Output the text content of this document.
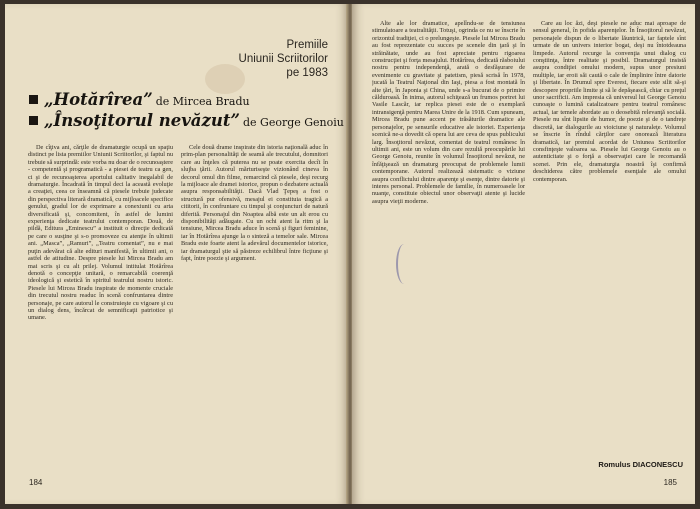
Premiile
Uniunii Scriitorilor
pe 1983
„Hotărîrea” de Mircea Bradu
„Însoţitorul nevăzut” de George Genoiu

De cîţiva ani, cărţile de dramaturgie ocupă un spaţiu distinct pe lista premiilor Uniunii Scriitorilor, şi faptul nu trebuie să surprindă: este vorba nu doar de o recunoaştere - competentă şi programatică - a piesei de teatru ca gen, ci şi de recunoaşterea aportului calitativ inegalabil de dramaturgie. Încadrată în timpul deci la această evoluţie a creaţiei, ceea ce înseamnă că piesele trebuie judecate din perspectiva literară dramatică, cu mijloacele specifice genului, gradul lor de exprimare a conexiunii cu arta diversificată şi, concomitent, în astfel de lumini experienţa dedicate teatrului contemporan. Două, de pildă, Editura „Eminescu” a instituit o direcţie dedicată pe care o susţine şi s-o promoveze cu atenţie în ultimii ani. „Masca”, „Ramuri”, „Teatru comentat”, nu e mai puţin adevărat că alte edituri manifestă, în ultimii ani, o astfel de atitudine. Despre piesele lui Mircea Bradu am mai scris şi cu alt prilej. Volumul intitulat Hotărîrea denotă o concepţie unitară, o remarcabilă coerenţă ideologică şi estetică în spiritul teatrului nostru istoric. Piesele lui Mircea Bradu inspirate de momente cruciale din trecutul nostru readuc în scenă confruntarea dintre personaje, pe care autorul le construieşte cu vigoare şi cu un dialog dens, încărcat de semnificaţii patriotice şi umane.

Cele două drame inspirate din istoria naţională aduc în prim-plan personalităţi de seamă ale trecutului, domnitori care au înţeles că puterea nu se poate exercita decît în slujba ţării. Autorul mărturiseşte vizionând cineva în decorul omul din filme, remarcind că piesele, deşi recurg la mijloace ale dramei istorice, propun o dezbatere actuală asupra responsabilităţii. Dacă Vlad Ţepeş a fost o structură pur ofensivă, mesajul ei constituia tragică a cititorii, în confruntare cu timpul şi conjuncturi de natură diferită. Personajul din Noaptea albă este un alt erou cu disponibilităţi adăugate. Cu un ochi atent la ritm şi la tensiune, Mircea Bradu aduce în scenă şi figuri feminine, iar în Hotărîrea ajunge la o sinteză a temelor sale. Mircea Bradu este foarte atent la adevărul documentelor istorice, iar dramaturgul ştie să păstreze echilibrul între ficţiune şi fapt, între poezie şi argument.

184

Alte ale lor dramatice, apelîndu-se de tensiunea stimulatoare a teatralităţii. Totuşi, ogrinda ce nu se înscrie în orizontul tradiţiei, ci o prelungeşte. Piesele lui Mircea Bradu au fost reprezentate cu succes pe scenele din ţară şi în străinătate, unde au fost apreciate pentru rigoarea construcţiei şi forţa mesajului. Hotărîrea, dedicată răsboiului nostru pentru independenţă, arată o desfăşurare de evenimente cu gravitate şi patetism, piesă scrisă în 1978, jucată la Teatrul Naţional din Iaşi, piesa a fost montată în alte ţări, în Japonia şi China, unde s-a bucurat de o primire călduroasă. În inima, autorul schiţează un frumos portret lui Vasile Lascăr, iar replica piesei este de o exemplară intransigenţă pentru Marea Unire de la 1918. Cum spuneam, Mircea Bradu pune accent pe trăsăturile dramatice ale personajelor, pe sensurile educative ale istoriei. Experienţa scenică ne-a dovedit că opera lui are ceva de spus publicului larg. Însoţitorul nevăzut, comentat de teatrul românesc în ultimii ani, este un volum din care rezultă preocupările lui George Genoiu, reunite în volumul Însoţitorul nevăzut, ne înfăţişează un dramaturg preocupat de problemele lumii contemporane. Autorul realizează sistematic o viziune asupra conflictului dintre aparenţe şi esenţe, dintre datorie şi interes personal. Problemele de familie, în numeroasele lor nuanţe, constituie obiectul unor observaţii atente şi lucide asupra vieţii moderne.

Care au loc ăzi, deşi piesele ne aduc mai aproape de sensul general, în pofida aparenţelor. În Însoţitorul nevăzut, personajele dispun de o libertate lăuntrică, iar faptele sînt urmate de un univers interior bogat, deşi nu întotdeauna limpede. Autorul recurge la convenţia unui dialog cu conştiinţa, între realitate şi posibil. Dramaturgul insistă asupra condiţiei omului modern, supus unor presiuni multiple, iar eroii săi caută o cale de împlinire între datorie şi libertate. În Drumul spre Everest, fiecare este silit să-şi descopere propriile limite şi să le depăşească, chiar cu preţul unor sacrificii. Am impresia că universul lui George Genoiu cunoaşte o lumină catalizatoare pentru teatrul românesc actual, iar temele abordate au o deosebită relevanţă socială. Piesele nu sînt lipsite de humor, de poezie şi de o tandreţe discretă, iar dialogurile au vioiciune şi naturaleţe. Volumul se înscrie în rîndul cărţilor care onorează literatura dramatică, iar premiul acordat de Uniunea Scriitorilor consfinţeşte valoarea sa. Piesele lui George Genoiu au o autenticitate şi o forţă a observaţiei care le recomandă scenei. Prin ele, dramaturgia noastră îşi confirmă deschiderea către problemele esenţiale ale omului contemporan.

Romulus DIACONESCU
185
